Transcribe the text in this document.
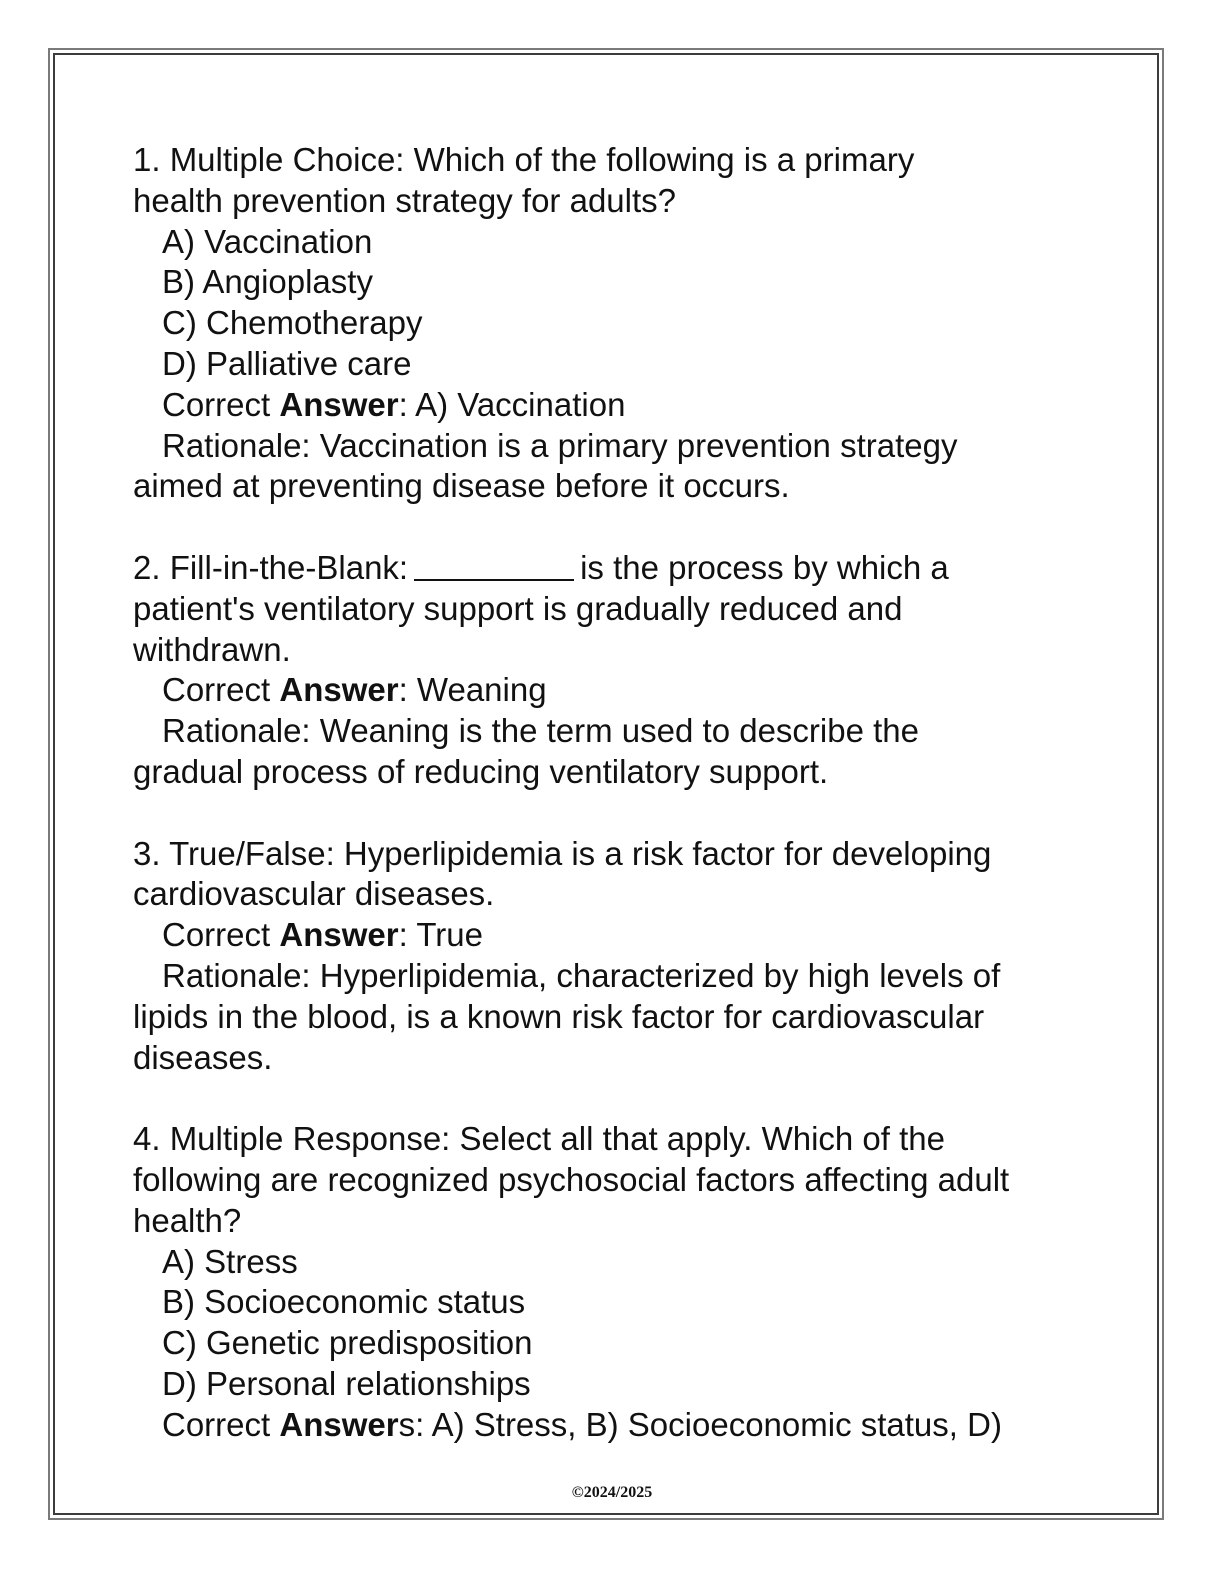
1. Multiple Choice: Which of the following is a primary
health prevention strategy for adults?
A) Vaccination
B) Angioplasty
C) Chemotherapy
D) Palliative care
Correct Answer: A) Vaccination
Rationale: Vaccination is a primary prevention strategy
aimed at preventing disease before it occurs.
2. Fill-in-the-Blank:	is the process by which a
patient's ventilatory support is gradually reduced and
withdrawn.
Correct Answer: Weaning
Rationale: Weaning is the term used to describe the
gradual process of reducing ventilatory support.
3. True/False: Hyperlipidemia is a risk factor for developing
cardiovascular diseases.
Correct Answer: True
Rationale: Hyperlipidemia, characterized by high levels of
lipids in the blood, is a known risk factor for cardiovascular
diseases.
4. Multiple Response: Select all that apply. Which of the
following are recognized psychosocial factors affecting adult
health?
A) Stress
B) Socioeconomic status
C) Genetic predisposition
D) Personal relationships
Correct Answers: A) Stress, B) Socioeconomic status, D)
©2024/2025
